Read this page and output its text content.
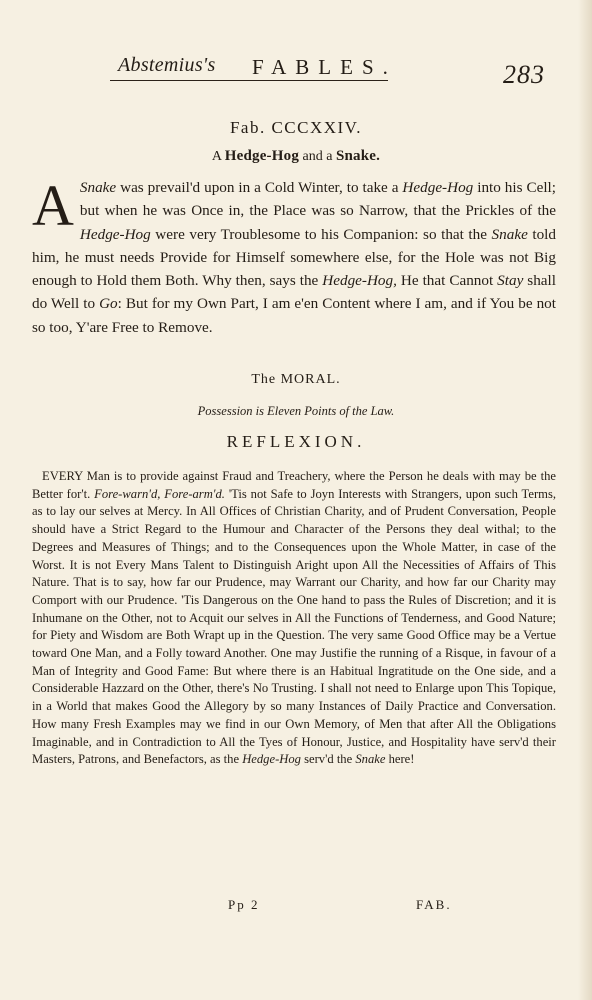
Abstemius's FABLES.	283
Fab. CCCXXIV.
A Hedge-Hog and a Snake.
A Snake was prevail'd upon in a Cold Winter, to take a Hedge-Hog into his Cell; but when he was Once in, the Place was so Narrow, that the Prickles of the Hedge-Hog were very Troublesome to his Companion: so that the Snake told him, he must needs Provide for Himself somewhere else, for the Hole was not Big enough to Hold them Both. Why then, says the Hedge-Hog, He that Cannot Stay shall do Well to Go: But for my Own Part, I am e'en Content where I am, and if You be not so too, Y'are Free to Remove.
The MORAL.
Possession is Eleven Points of the Law.
REFLEXION.
EVERY Man is to provide against Fraud and Treachery, where the Person he deals with may be the Better for't. Fore-warn'd, Fore-arm'd. 'Tis not Safe to Joyn Interests with Strangers, upon such Terms, as to lay our selves at Mercy. In All Offices of Christian Charity, and of Prudent Conversation, People should have a Strict Regard to the Humour and Character of the Persons they deal withal; to the Degrees and Measures of Things; and to the Consequences upon the Whole Matter, in case of the Worst. It is not Every Mans Talent to Distinguish Aright upon All the Necessities of Affairs of This Nature. That is to say, how far our Prudence, may Warrant our Charity, and how far our Charity may Comport with our Prudence. 'Tis Dangerous on the One hand to pass the Rules of Discretion; and it is Inhumane on the Other, not to Acquit our selves in All the Functions of Tenderness, and Good Nature; for Piety and Wisdom are Both Wrapt up in the Question. The very same Good Office may be a Vertue toward One Man, and a Folly toward Another. One may Justifie the running of a Risque, in favour of a Man of Integrity and Good Fame: But where there is an Habitual Ingratitude on the One side, and a Considerable Hazzard on the Other, there's No Trusting. I shall not need to Enlarge upon This Topique, in a World that makes Good the Allegory by so many Instances of Daily Practice and Conversation. How many Fresh Examples may we find in our Own Memory, of Men that after All the Obligations Imaginable, and in Contradiction to All the Tyes of Honour, Justice, and Hospitality have serv'd their Masters, Patrons, and Benefactors, as the Hedge-Hog serv'd the Snake here!
Pp 2	FAB.
